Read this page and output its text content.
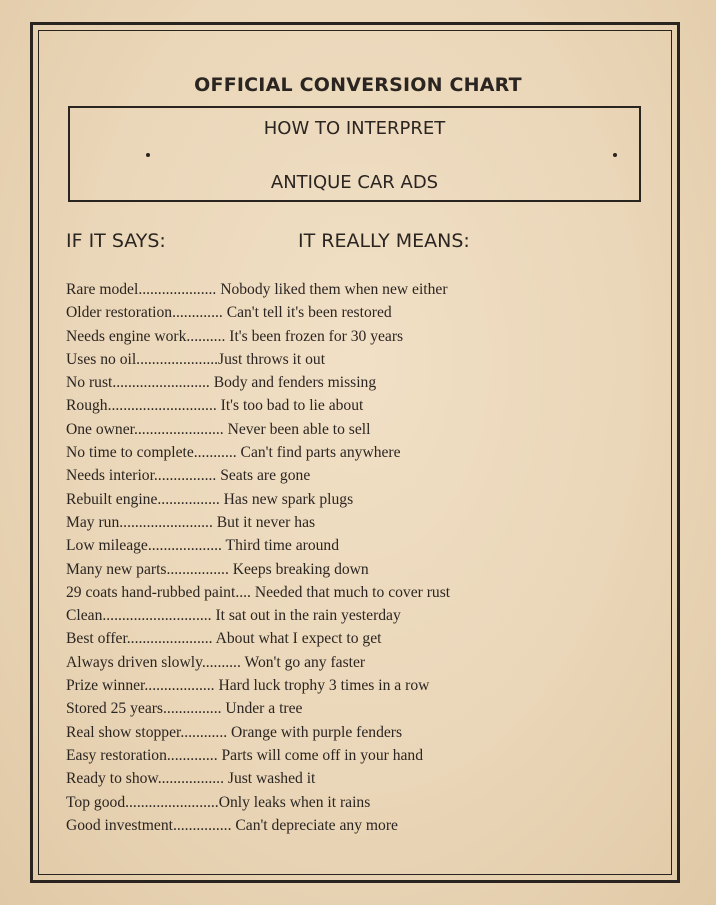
OFFICIAL CONVERSION CHART
HOW TO INTERPRET
ANTIQUE CAR ADS
IF IT SAYS:	IT REALLY MEANS:
Rare model.................... Nobody liked them when new either
Older restoration............. Can't tell it's been restored
Needs engine work.......... It's been frozen for 30 years
Uses no oil.....................Just throws it out
No rust......................... Body and fenders missing
Rough............................ It's too bad to lie about
One owner....................... Never been able to sell
No time to complete........... Can't find parts anywhere
Needs interior................ Seats are gone
Rebuilt engine................ Has new spark plugs
May run........................ But it never has
Low mileage................... Third time around
Many new parts................ Keeps breaking down
29 coats hand-rubbed paint.... Needed that much to cover rust
Clean............................ It sat out in the rain yesterday
Best offer...................... About what I expect to get
Always driven slowly.......... Won't go any faster
Prize winner.................. Hard luck trophy 3 times in a row
Stored 25 years............... Under a tree
Real show stopper............ Orange with purple fenders
Easy restoration............. Parts will come off in your hand
Ready to show................. Just washed it
Top good........................Only leaks when it rains
Good investment............... Can't depreciate any more
